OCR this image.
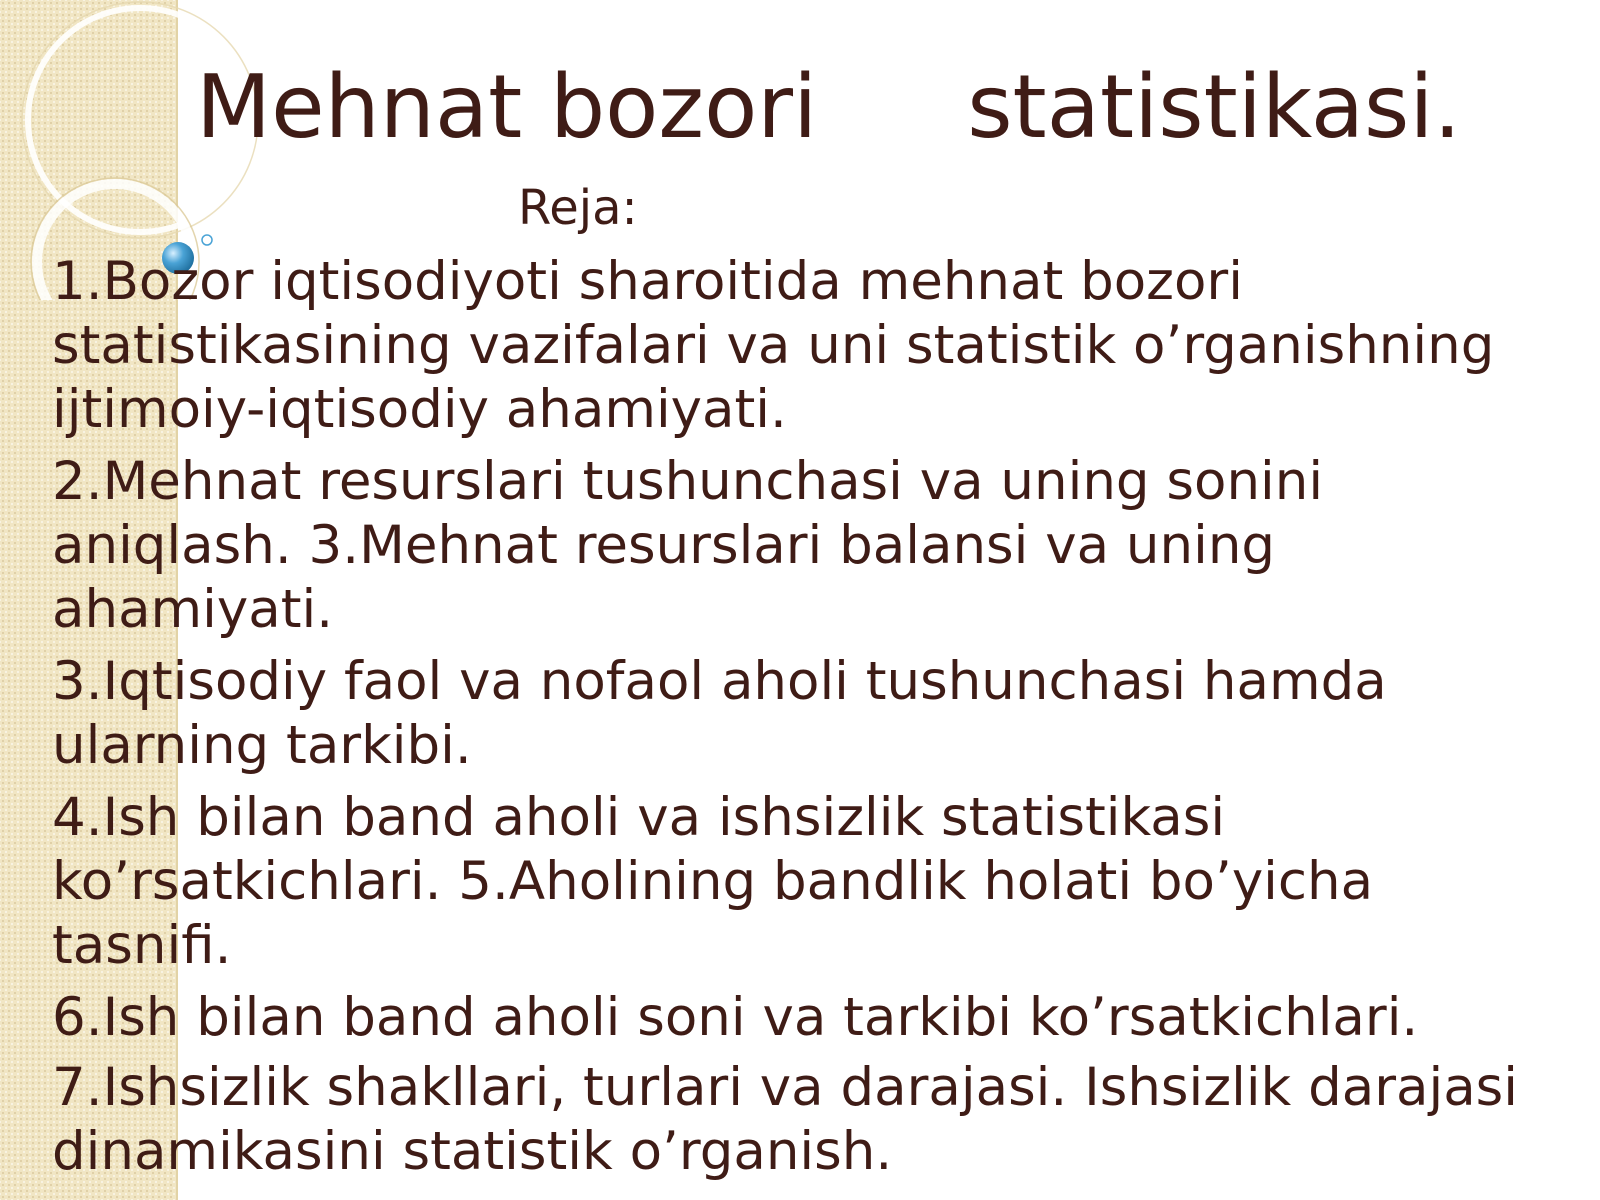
Mehnat bozori statistikasi.
Reja:
1.Bozor iqtisodiyoti sharoitida mehnat bozori statistikasining vazifalari va uni statistik o’rganishning ijtimoiy-iqtisodiy ahamiyati.
2.Mehnat resurslari tushunchasi va uning sonini aniqlash. 3.Mehnat resurslari balansi va uning ahamiyati.
3.Iqtisodiy faol va nofaol aholi tushunchasi hamda ularning tarkibi.
4.Ish bilan band aholi va ishsizlik statistikasi ko’rsatkichlari. 5.Aholining bandlik holati bo’yicha tasnifi.
6.Ish bilan band aholi soni va tarkibi ko’rsatkichlari.
7.Ishsizlik shakllari, turlari va darajasi. Ishsizlik darajasi dinamikasini statistik o’rganish.
